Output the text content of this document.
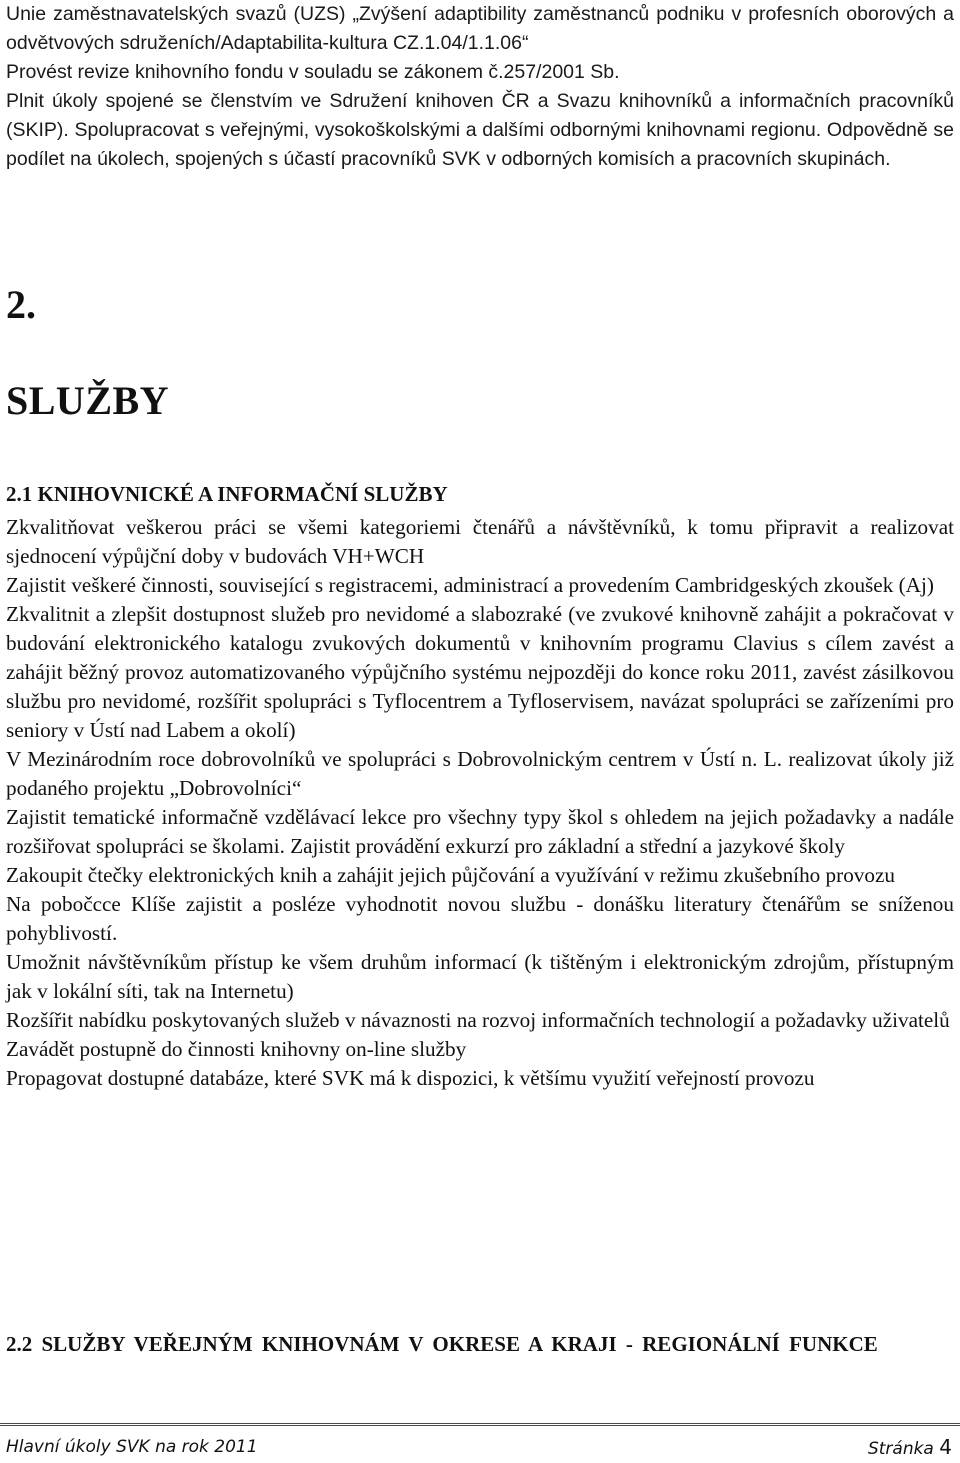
Unie zaměstnavatelských svazů (UZS) „Zvýšení adaptibility zaměstnanců podniku v profesních oborových a odvětvových sdruženích/Adaptabilita-kultura CZ.1.04/1.1.06“

Provést revize knihovního fondu v souladu se zákonem č.257/2001 Sb.

Plnit úkoly spojené se členstvím ve Sdružení knihoven ČR a Svazu knihovníků a informačních pracovníků (SKIP). Spolupracovat s veřejnými, vysokoškolskými a dalšími odbornými knihovnami regionu. Odpovědně se podílet na úkolech, spojených s účastí pracovníků SVK v odborných komisích a pracovních skupinách.

2.
SLUŽBY
2.1 KNIHOVNICKÉ A INFORMAČNÍ SLUŽBY

Zkvalitňovat veškerou práci se všemi kategoriemi čtenářů a návštěvníků, k tomu připravit a realizovat sjednocení výpůjční doby v budovách VH+WCH

Zajistit veškeré činnosti, související s registracemi, administrací a provedením Cambridgeských zkoušek (Aj)

Zkvalitnit a zlepšit dostupnost služeb pro nevidomé a slabozraké (ve zvukové knihovně zahájit a pokračovat v budování elektronického katalogu zvukových dokumentů v knihovním programu Clavius s cílem zavést a zahájit běžný provoz automatizovaného výpůjčního systému nejpozději do konce roku 2011, zavést zásilkovou službu pro nevidomé, rozšířit spolupráci s Tyflocentrem a Tyfloservisem, navázat spolupráci se zařízeními pro seniory v Ústí nad Labem a okolí)

V Mezinárodním roce dobrovolníků ve spolupráci s Dobrovolnickým centrem v Ústí n. L. realizovat úkoly již podaného projektu „Dobrovolníci“

Zajistit tematické informačně vzdělávací lekce pro všechny typy škol s ohledem na jejich požadavky a nadále rozšiřovat spolupráci se školami. Zajistit provádění exkurzí pro základní a střední a jazykové školy

Zakoupit čtečky elektronických knih a zahájit jejich půjčování a využívání v režimu zkušebního provozu

Na pobočcce Klíše zajistit a posléze vyhodnotit novou službu - donášku literatury čtenářům se sníženou pohyblivostí.

Umožnit návštěvníkům přístup ke všem druhům informací (k tištěným i elektronickým zdrojům, přístupným jak v lokální síti, tak na Internetu)

Rozšířit nabídku poskytovaných služeb v návaznosti na rozvoj informačních technologií a požadavky uživatelů

Zavádět postupně do činnosti knihovny on-line služby

Propagovat dostupné databáze, které SVK má k dispozici, k většímu využití veřejností provozu

2.2 SLUŽBY VEŘEJNÝM KNIHOVNÁM V OKRESE A KRAJI - REGIONÁLNÍ FUNKCE
Hlavní úkoly SVK na rok 2011	Stránka 4
